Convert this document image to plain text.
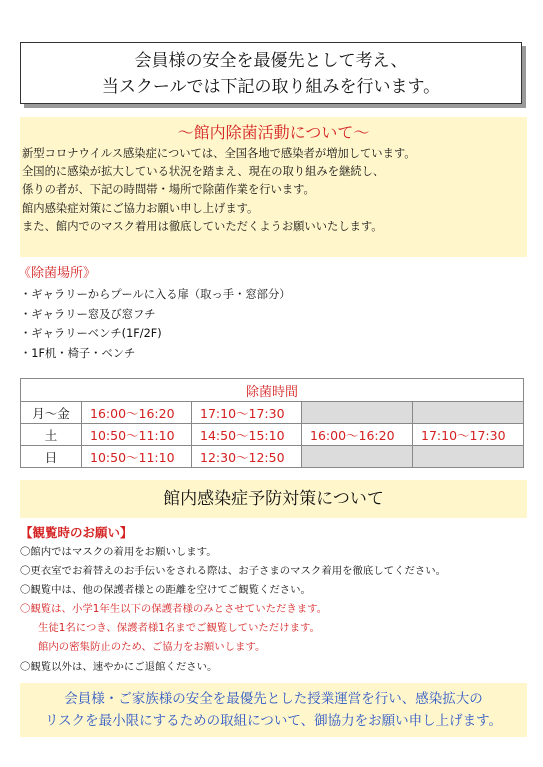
会員様の安全を最優先として考え、
当スクールでは下記の取り組みを行います。
〜館内除菌活動について〜
新型コロナウイルス感染症については、全国各地で感染者が増加しています。
全国的に感染が拡大している状況を踏まえ、現在の取り組みを継続し、
係りの者が、下記の時間帯・場所で除菌作業を行います。
館内感染症対策にご協力お願い申し上げます。
また、館内でのマスク着用は徹底していただくようお願いいたします。
《除菌場所》
・ギャラリーからプールに入る扉（取っ手・窓部分）
・ギャラリー窓及び窓フチ
・ギャラリーベンチ(1F/2F)
・1F机・椅子・ベンチ
除菌時間				
月〜金	16:00〜16:20	17:10〜17:30		
土	10:50〜11:10	14:50〜15:10	16:00〜16:20	17:10〜17:30
日	10:50〜11:10	12:30〜12:50		
館内感染症予防対策について
【観覧時のお願い】
〇館内ではマスクの着用をお願いします。
〇更衣室でお着替えのお手伝いをされる際は、お子さまのマスク着用を徹底してください。
〇観覧中は、他の保護者様との距離を空けてご観覧ください。
〇観覧は、小学1年生以下の保護者様のみとさせていただきます。
生徒1名につき、保護者様1名までご観覧していただけます。
館内の密集防止のため、ご協力をお願いします。
〇観覧以外は、速やかにご退館ください。
会員様・ご家族様の安全を最優先とした授業運営を行い、感染拡大の
リスクを最小限にするための取組について、御協力をお願い申し上げます。
